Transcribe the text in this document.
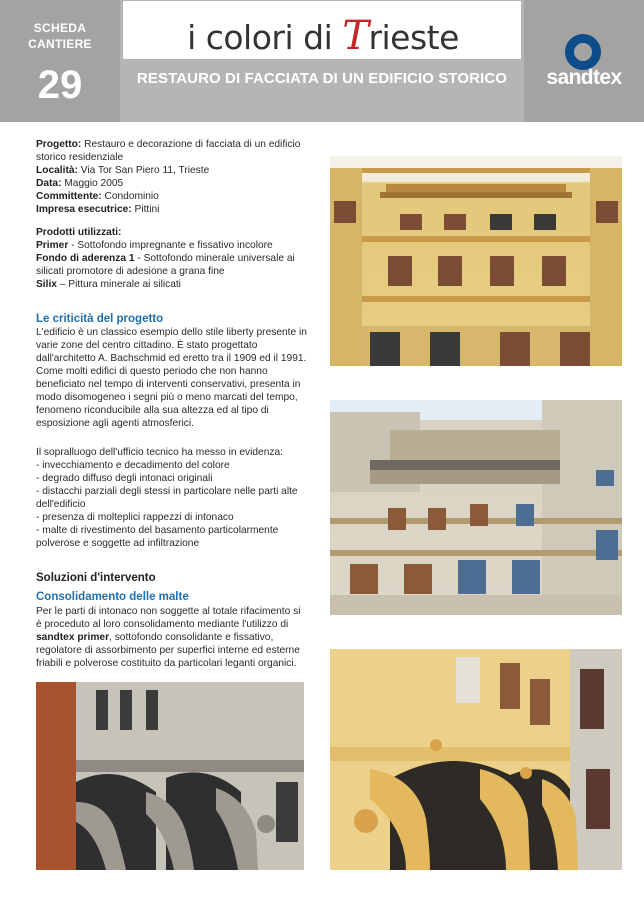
SCHEDA
CANTIERE
29
i colori di Trieste
RESTAURO DI FACCIATA DI UN EDIFICIO STORICO	sandtex
Progetto: Restauro e decorazione di facciata di un edificio storico residenziale
Località: Via Tor San Piero 11, Trieste
Data: Maggio 2005
Committente: Condominio
Impresa esecutrice: Pittini
Prodotti utilizzati:
Primer - Sottofondo impregnante e fissativo incolore
Fondo di aderenza 1 - Sottofondo minerale universale ai silicati promotore di adesione a grana fine
Silix – Pittura minerale ai silicati
Le criticità del progetto
L'edificio è un classico esempio dello stile liberty presente in varie zone del centro cittadino. È stato progettato dall'architetto A. Bachschmid ed eretto tra il 1909 ed il 1991. Come molti edifici di questo periodo che non hanno beneficiato nel tempo di interventi conservativi, presenta in modo disomogeneo i segni più o meno marcati del tempo, fenomeno riconducibile alla sua altezza ed al tipo di esposizione agli agenti atmosferici.
Il sopralluogo dell'ufficio tecnico ha messo in evidenza:
- invecchiamento e decadimento del colore
- degrado diffuso degli intonaci originali
- distacchi parziali degli stessi in particolare nelle parti alte dell'edificio
- presenza di molteplici rappezzi di intonaco
- malte di rivestimento del basamento particolarmente polverose e soggette ad infiltrazione
Soluzioni d'intervento
Consolidamento delle malte
Per le parti di intonaco non soggette al totale rifacimento si è proceduto al loro consolidamento mediante l'utilizzo di sandtex primer, sottofondo consolidante e fissativo, regolatore di assorbimento per superfici interne ed esterne friabili e polverose costituito da particolari leganti organici.
